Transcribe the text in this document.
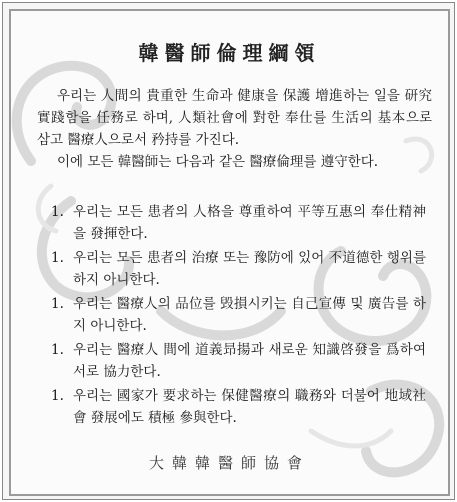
韓醫師倫理綱領

우리는 人間의 貴重한 生命과 健康을 保護 增進하는 일을 研究 實踐함을 任務로 하며, 人類社會에 對한 奉仕를 生活의 基本으로 삼고 醫療人으로서 矜持를 가진다.

이에 모든 韓醫師는 다음과 같은 醫療倫理를 遵守한다.

1. 우리는 모든 患者의 人格을 尊重하여 平等互惠의 奉仕精神을 發揮한다.
1. 우리는 모든 患者의 治療 또는 豫防에 있어 不道德한 행위를 하지 아니한다.
1. 우리는 醫療人의 品位를 毁損시키는 自己宣傳 및 廣告를 하지 아니한다.
1. 우리는 醫療人 間에 道義昻揚과 새로운 知識啓發을 爲하여 서로 協力한다.
1. 우리는 國家가 要求하는 保健醫療의 職務와 더불어 地域社會 發展에도 積極 參與한다.
大韓韓醫師協會
